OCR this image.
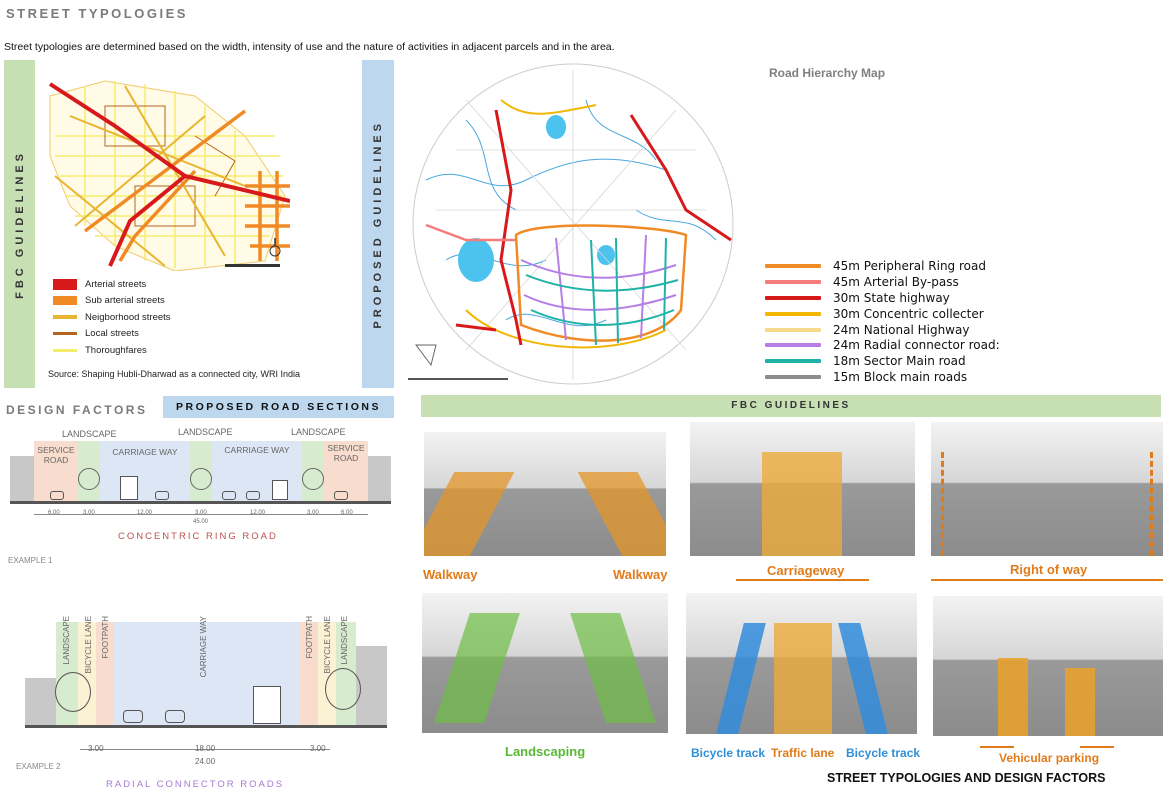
STREET TYPOLOGIES
Street typologies are determined based on the width, intensity of use and the nature of activities in adjacent parcels and in the area.
FBC GUIDELINES	Arterial streets
Sub arterial streets
Neigborhood streets
Local streets
Thoroughfares
Source: Shaping Hubli-Dharwad as a connected city, WRI India
PROPOSED GUIDELINES
Road Hierarchy Map
45m Peripheral Ring road
45m Arterial By-pass
30m State highway
30m Concentric collecter
24m National Highway
24m Radial connector road:
18m Sector Main road
15m Block main roads
DESIGN FACTORS	PROPOSED ROAD SECTIONS	FBC GUIDELINES
LANDSCAPE	LANDSCAPE	LANDSCAPE
SERVICE ROAD
CARRIAGE WAY	CARRIAGE WAY	SERVICE ROAD
6.00	3.00	12.00	3.00	12.00	3.00	6.00
45.00
CONCENTRIC RING ROAD
EXAMPLE 1
LANDSCAPE BICYCLE LANE FOOTPATH	CARRIAGE WAY	FOOTPATH BICYCLE LANE LANDSCAPE
3.00	18.00	3.00
24.00
EXAMPLE 2
RADIAL CONNECTOR ROADS
Walkway	Walkway	Carriageway	Right of way
Landscaping	Bicycle track Traffic lane Bicycle track	Vehicular parking
STREET TYPOLOGIES AND DESIGN FACTORS
